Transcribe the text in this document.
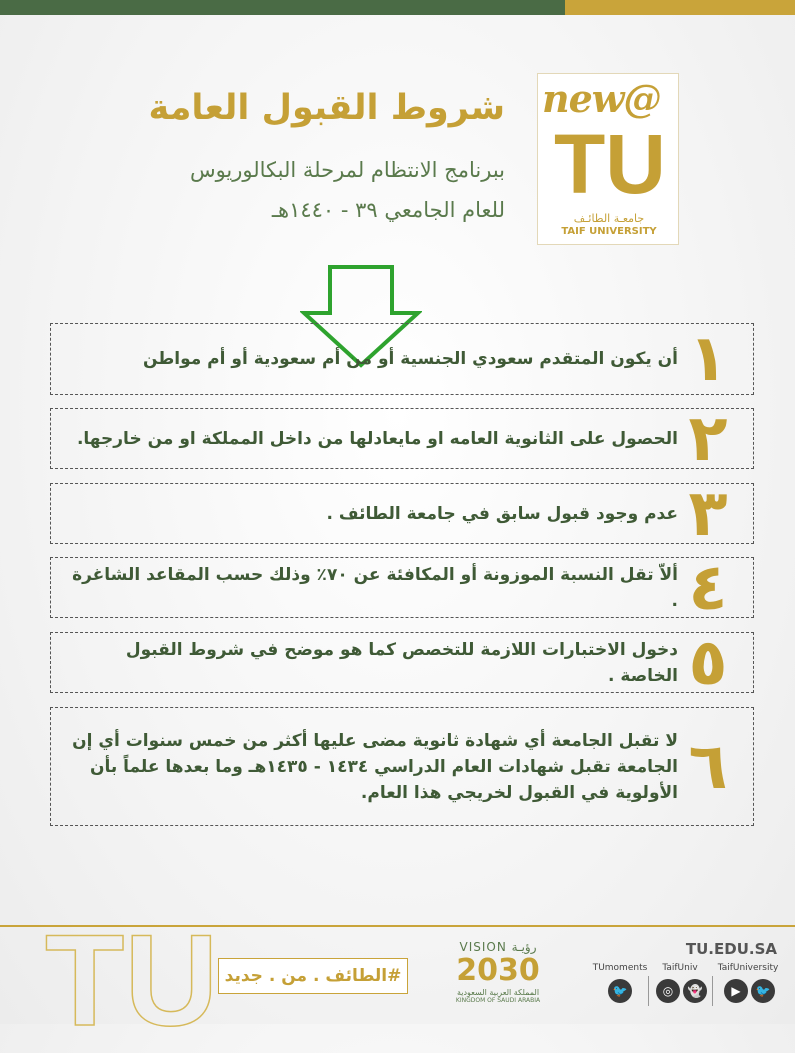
شروط القبول العامة
ببرنامج الانتظام لمرحلة البكالوريوس
للعام الجامعي ٣٩ - ١٤٤٠هـ
new@
TU
جامعـة الطائـف
TAIF UNIVERSITY
١
أن يكون المتقدم سعودي الجنسية أو من أم سعودية أو أم مواطن
٢
الحصول على الثانوية العامه او مايعادلها من داخل المملكة او من خارجها.
٣
عدم وجود قبول سابق في جامعة الطائف .
٤
ألاّ تقل النسبة الموزونة أو المكافئة عن ٧٠٪ وذلك حسب المقاعد الشاغرة .
٥
دخول الاختبارات اللازمة للتخصص كما هو موضح في شروط القبول الخاصة .
٦
لا تقبل الجامعة أي شهادة ثانوية مضى عليها أكثر من خمس سنوات أي إن الجامعة تقبل شهادات العام الدراسي ١٤٣٤ - ١٤٣٥هـ وما بعدها علماً بأن الأولوية في القبول لخريجي هذا العام.
TU #الطائف . من . جديد
VISION رؤيـة
2030
المملكة العربية السعودية
KINGDOM OF SAUDI ARABIA
TU.EDU.SA
TUmoments	TaifUniv	TaifUniversity
🐦	◎	👻	▶	🐦
